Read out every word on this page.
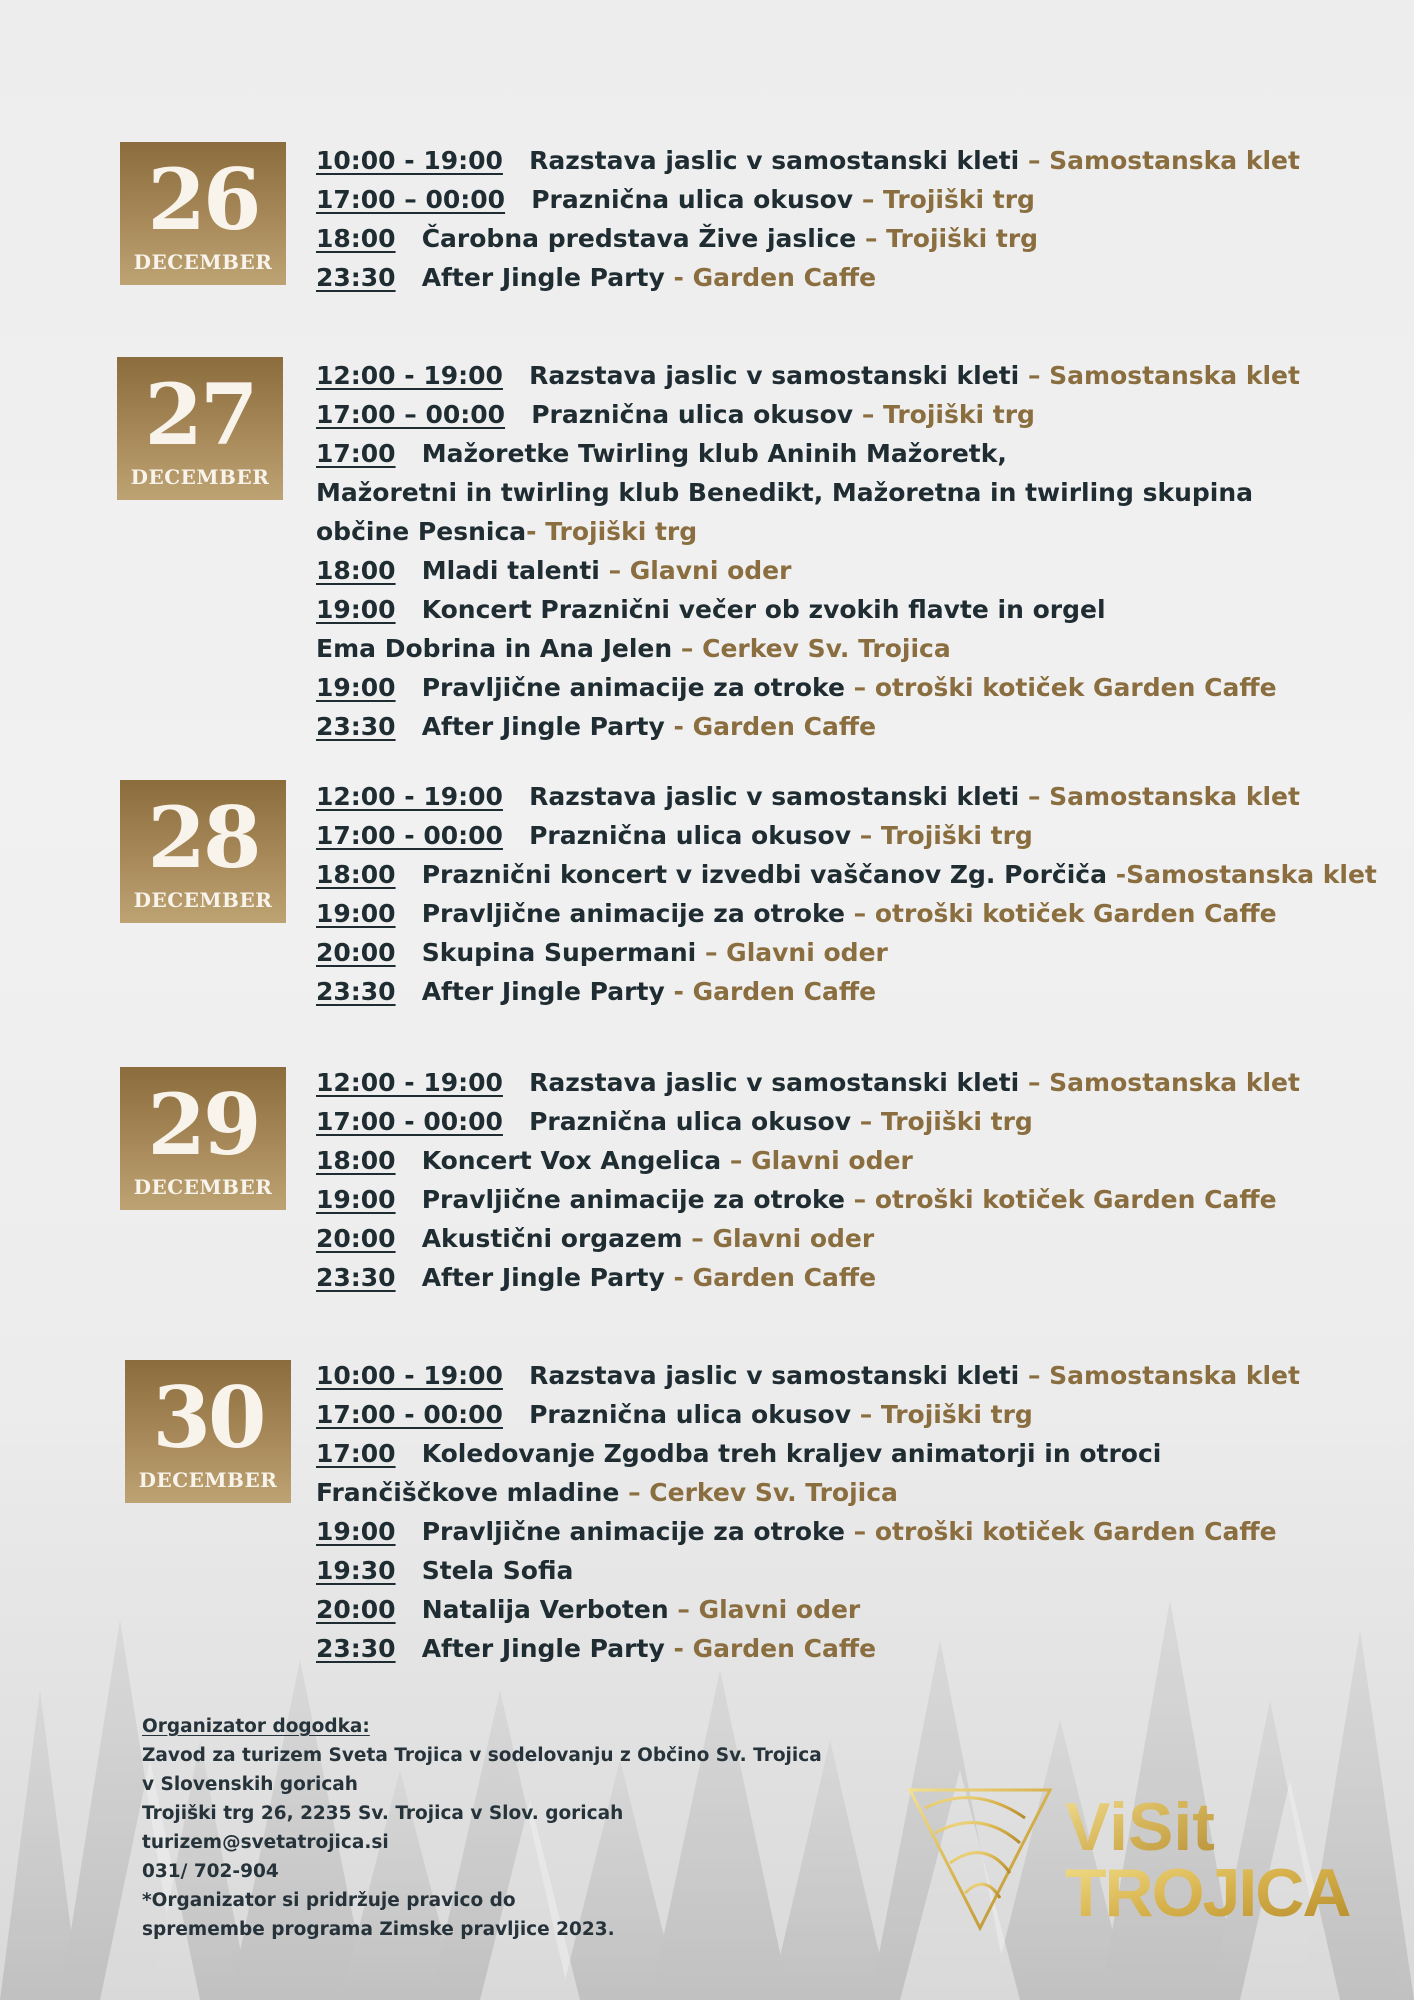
26
DECEMBER
10:00 - 19:00 Razstava jaslic v samostanski kleti – Samostanska klet
17:00 – 00:00 Praznična ulica okusov – Trojiški trg
18:00 Čarobna predstava Žive jaslice – Trojiški trg
23:30 After Jingle Party - Garden Caffe
27
DECEMBER
12:00 - 19:00 Razstava jaslic v samostanski kleti – Samostanska klet
17:00 – 00:00 Praznična ulica okusov – Trojiški trg
17:00 Mažoretke Twirling klub Aninih Mažoretk,
Mažoretni in twirling klub Benedikt, Mažoretna in twirling skupina
občine Pesnica- Trojiški trg
18:00 Mladi talenti – Glavni oder
19:00 Koncert Praznični večer ob zvokih flavte in orgel
Ema Dobrina in Ana Jelen – Cerkev Sv. Trojica
19:00 Pravljične animacije za otroke – otroški kotiček Garden Caffe
23:30 After Jingle Party - Garden Caffe
28
DECEMBER
12:00 - 19:00 Razstava jaslic v samostanski kleti – Samostanska klet
17:00 - 00:00 Praznična ulica okusov – Trojiški trg
18:00 Praznični koncert v izvedbi vaščanov Zg. Porčiča -Samostanska klet
19:00 Pravljične animacije za otroke – otroški kotiček Garden Caffe
20:00 Skupina Supermani – Glavni oder
23:30 After Jingle Party - Garden Caffe
29
DECEMBER
12:00 - 19:00 Razstava jaslic v samostanski kleti – Samostanska klet
17:00 - 00:00 Praznična ulica okusov – Trojiški trg
18:00 Koncert Vox Angelica – Glavni oder
19:00 Pravljične animacije za otroke – otroški kotiček Garden Caffe
20:00 Akustični orgazem – Glavni oder
23:30 After Jingle Party - Garden Caffe
30
DECEMBER
10:00 - 19:00 Razstava jaslic v samostanski kleti – Samostanska klet
17:00 - 00:00 Praznična ulica okusov – Trojiški trg
17:00 Koledovanje Zgodba treh kraljev animatorji in otroci
Frančiščkove mladine – Cerkev Sv. Trojica
19:00 Pravljične animacije za otroke – otroški kotiček Garden Caffe
19:30 Stela Sofia
20:00 Natalija Verboten – Glavni oder
23:30 After Jingle Party - Garden Caffe
Organizator dogodka:
Zavod za turizem Sveta Trojica v sodelovanju z Občino Sv. Trojica
v Slovenskih goricah
Trojiški trg 26, 2235 Sv. Trojica v Slov. goricah
turizem@svetatrojica.si
031/ 702-904
*Organizator si pridržuje pravico do
spremembe programa Zimske pravljice 2023.
ViSit
TROJICA
